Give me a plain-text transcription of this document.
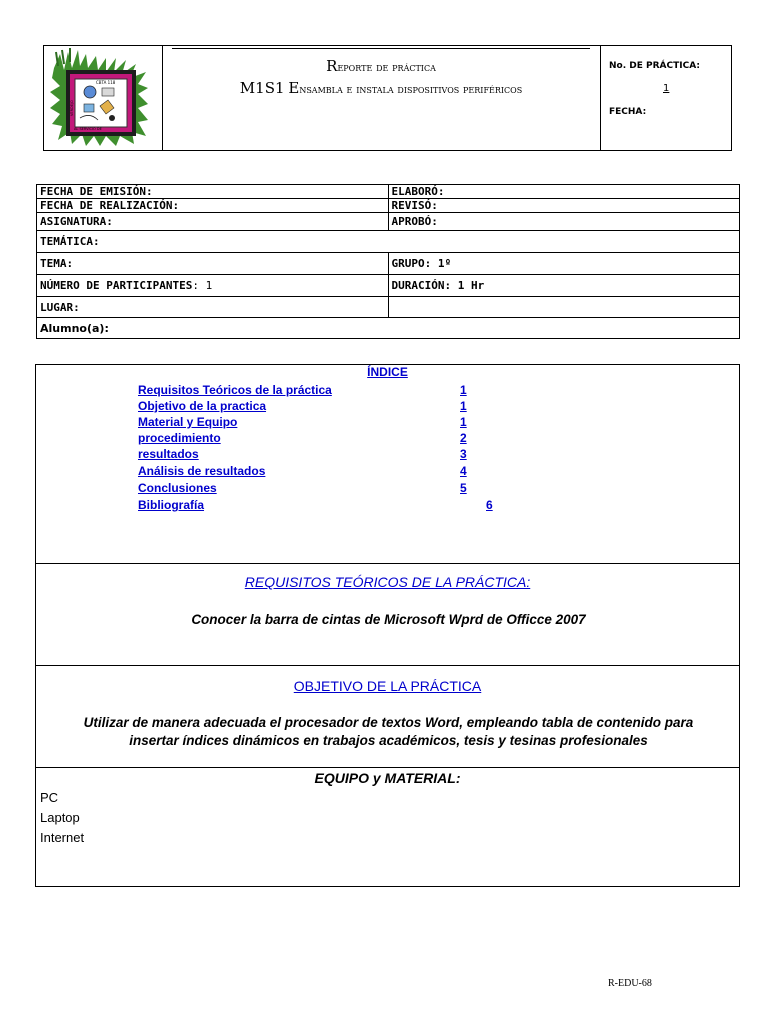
CBTA 118
AL SERVICIO DE
VERDEJO
Reporte de práctica
M1S1 Ensambla e instala dispositivos periféricos
No. DE PRÁCTICA:
1
FECHA:
FECHA DE EMISIÓN:	ELABORÓ:
FECHA DE REALIZACIÓN:	REVISÓ:
ASIGNATURA:	APROBÓ:
TEMÁTICA:	
TEMA:	GRUPO: 1º
NÚMERO DE PARTICIPANTES: 1	DURACIÓN: 1 Hr
LUGAR:	
Alumno(a):	
ÍNDICE
Requisitos Teóricos de la práctica	1
Objetivo de la practica	1
Material y Equipo	1
procedimiento	2
resultados	3
Análisis de resultados	4
Conclusiones	5
Bibliografía	6
REQUISITOS TEÓRICOS DE LA PRÁCTICA:
Conocer la barra de cintas de Microsoft Wprd de Officce 2007
OBJETIVO DE LA PRÁCTICA
Utilizar de manera adecuada el procesador de textos Word, empleando tabla de contenido para
insertar índices dinámicos en trabajos académicos, tesis y tesinas profesionales
EQUIPO y MATERIAL:
PC
Laptop
Internet
R-EDU-68
